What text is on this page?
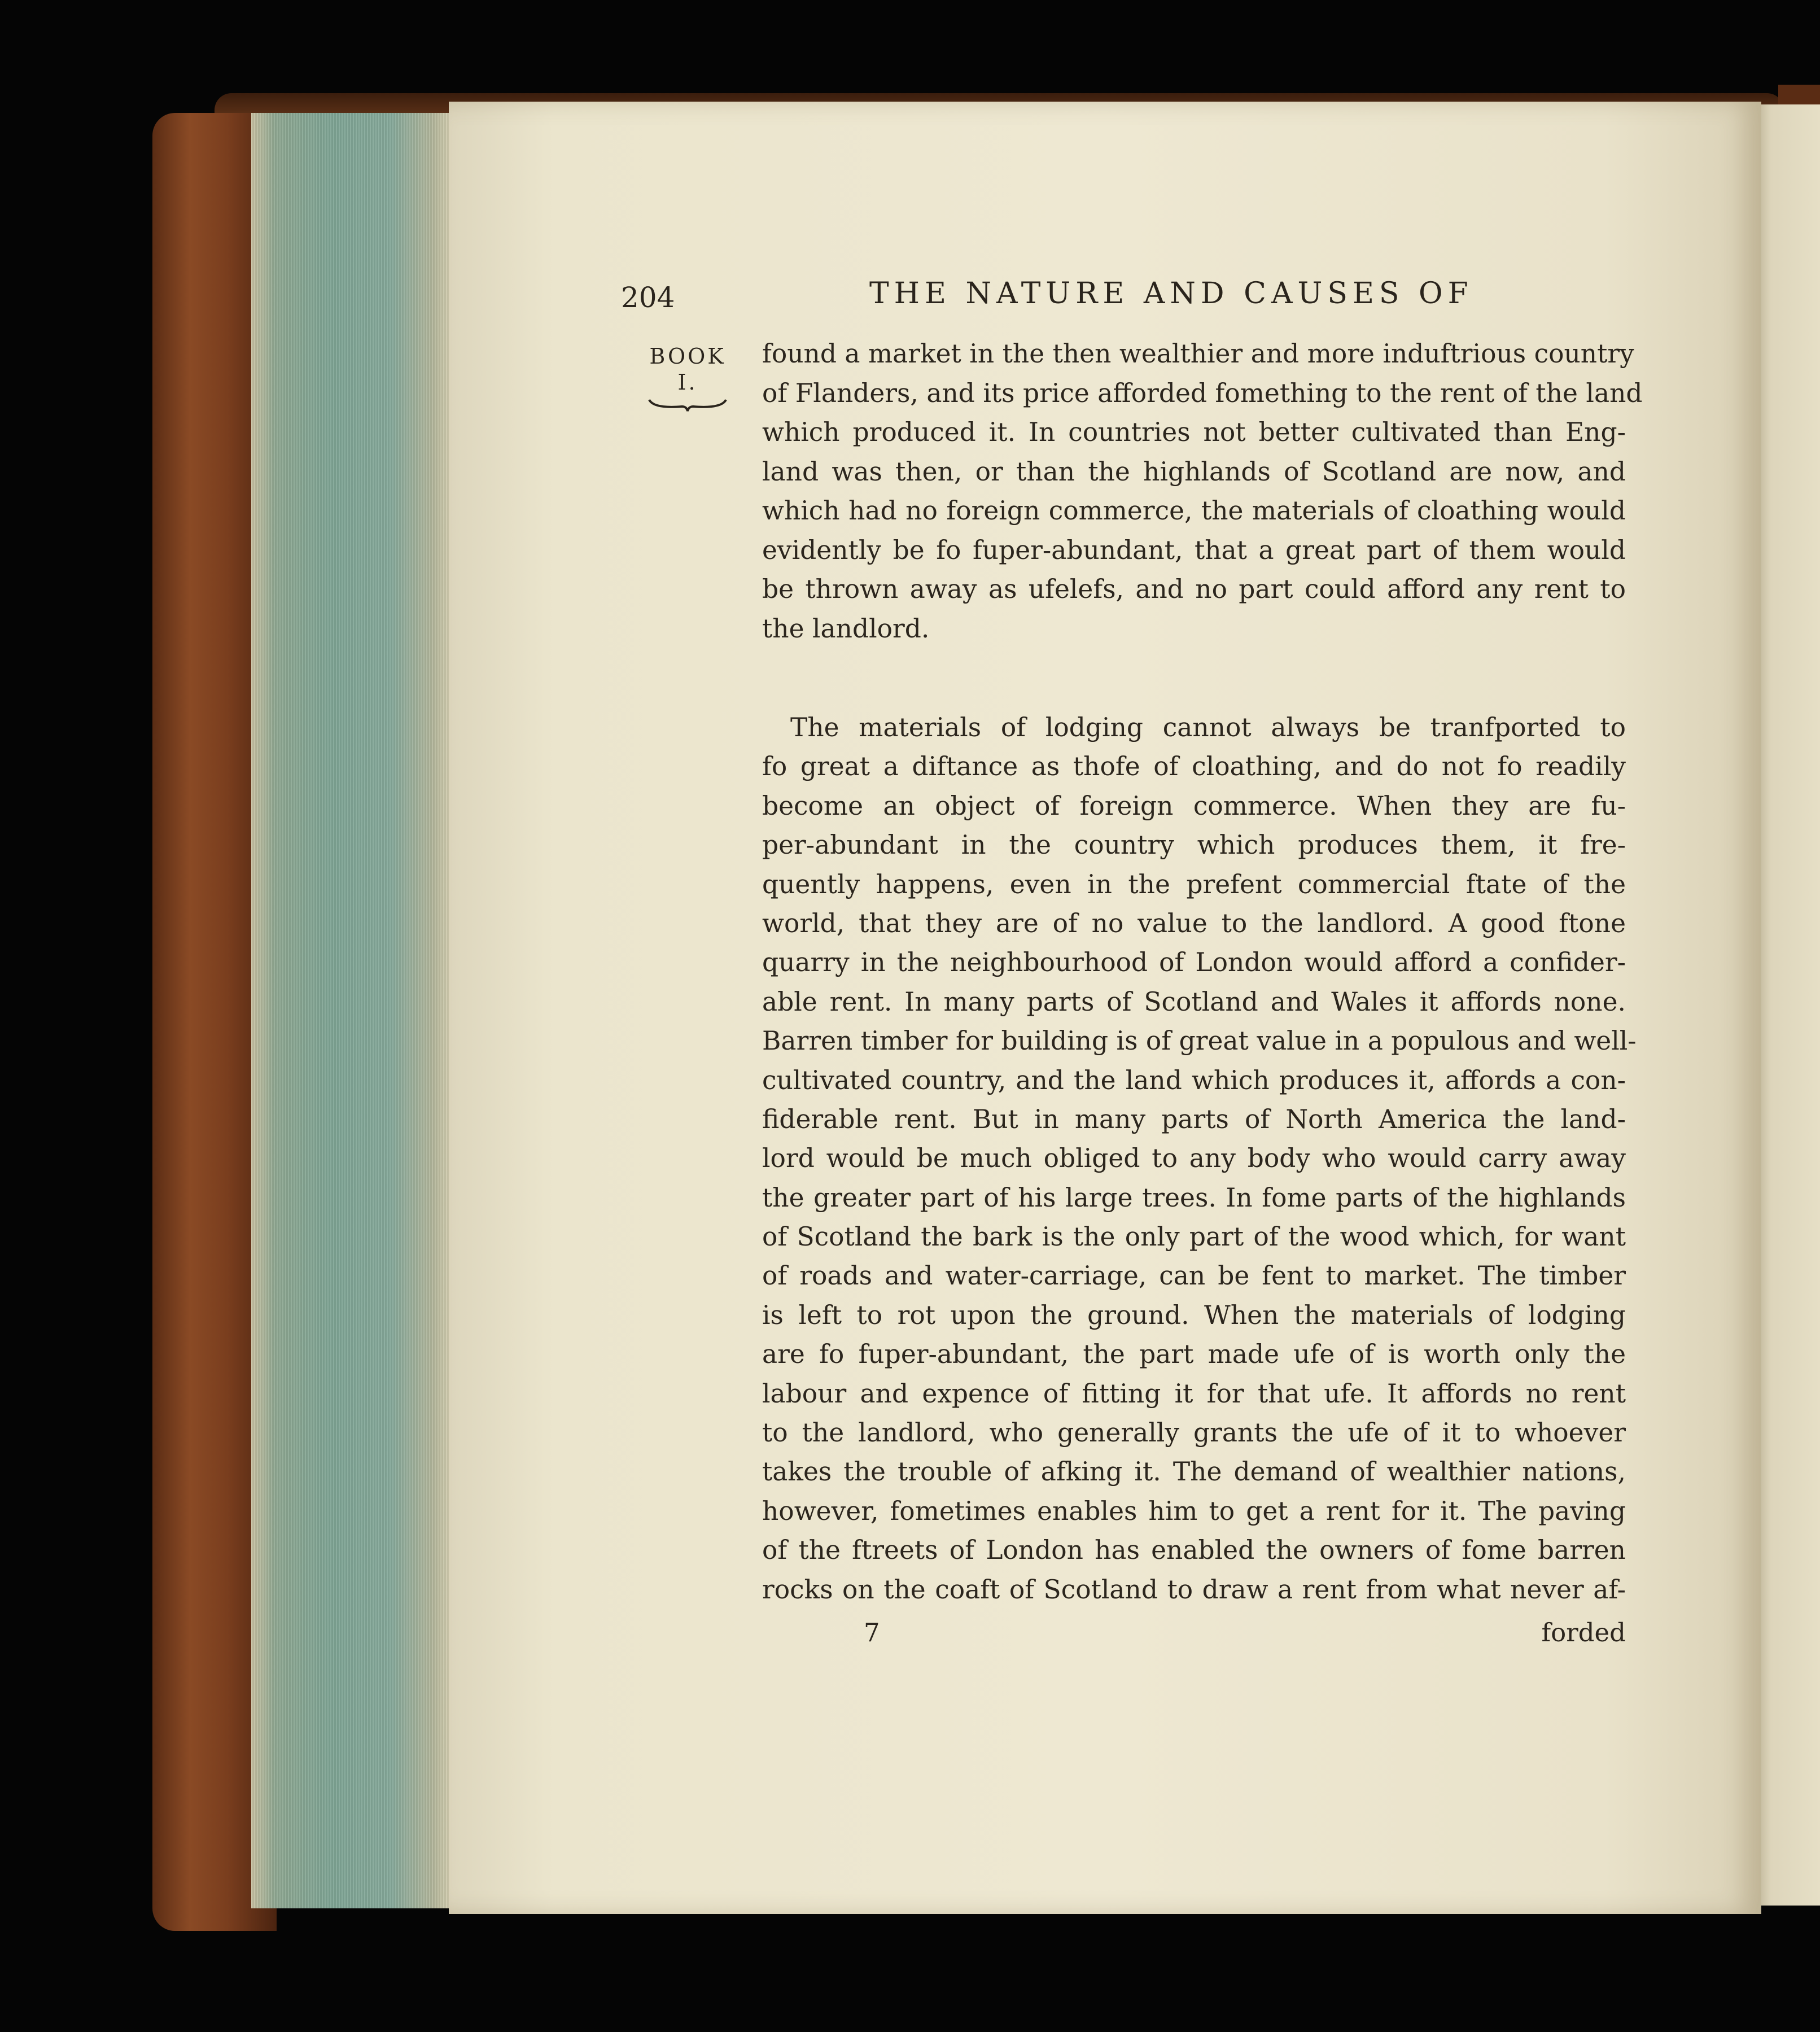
204	THE NATURE AND CAUSES OF
BOOK
I.
found a market in the then wealthier and more induftrious country
of Flanders, and its price afforded fomething to the rent of the land
which produced it. In countries not better cultivated than Eng-
land was then, or than the highlands of Scotland are now, and
which had no foreign commerce, the materials of cloathing would
evidently be fo fuper-abundant, that a great part of them would
be thrown away as ufelefs, and no part could afford any rent to
the landlord.
The materials of lodging cannot always be tranfported to
fo great a diftance as thofe of cloathing, and do not fo readily
become an object of foreign commerce. When they are fu-
per-abundant in the country which produces them, it fre-
quently happens, even in the prefent commercial ftate of the
world, that they are of no value to the landlord. A good ftone
quarry in the neighbourhood of London would afford a confider-
able rent. In many parts of Scotland and Wales it affords none.
Barren timber for building is of great value in a populous and well-
cultivated country, and the land which produces it, affords a con-
fiderable rent. But in many parts of North America the land-
lord would be much obliged to any body who would carry away
the greater part of his large trees. In fome parts of the highlands
of Scotland the bark is the only part of the wood which, for want
of roads and water-carriage, can be fent to market. The timber
is left to rot upon the ground. When the materials of lodging
are fo fuper-abundant, the part made ufe of is worth only the
labour and expence of fitting it for that ufe. It affords no rent
to the landlord, who generally grants the ufe of it to whoever
takes the trouble of afking it. The demand of wealthier nations,
however, fometimes enables him to get a rent for it. The paving
of the ftreets of London has enabled the owners of fome barren
rocks on the coaft of Scotland to draw a rent from what never af-
7	forded
